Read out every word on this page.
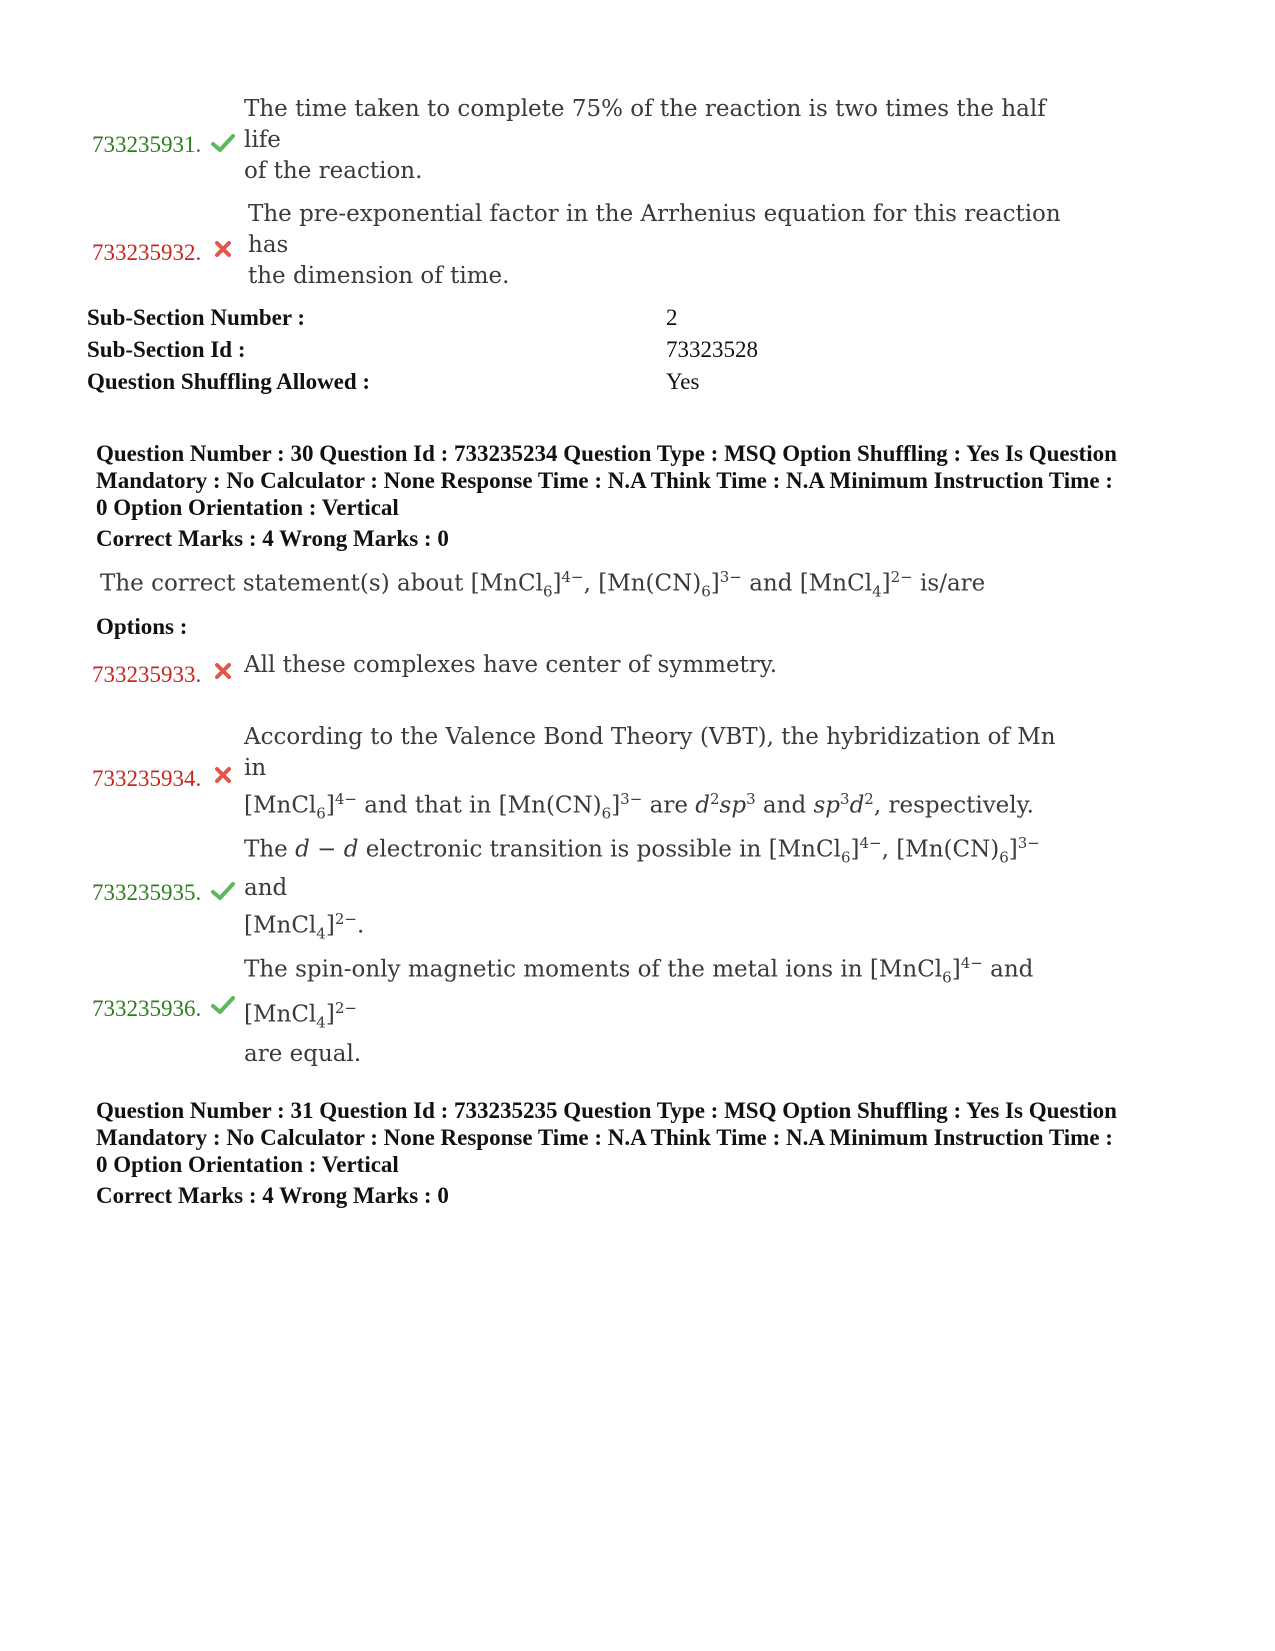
733235931.
The time taken to complete 75% of the reaction is two times the half life
of the reaction.
733235932.
The pre-exponential factor in the Arrhenius equation for this reaction has
the dimension of time.
Sub-Section Number :	2
Sub-Section Id :	73323528
Question Shuffling Allowed :	Yes
Question Number : 30 Question Id : 733235234 Question Type : MSQ Option Shuffling : Yes Is Question Mandatory : No Calculator : None Response Time : N.A Think Time : N.A Minimum Instruction Time : 0 Option Orientation : Vertical
Correct Marks : 4 Wrong Marks : 0
The correct statement(s) about [MnCl$_6$]$^{4-}$, $[Mn(CN)_6]^{3-}$ and [MnCl$_4$]$^{2-}$ is/are
Options :
733235933. All these complexes have center of symmetry.
733235934.
According to the Valence Bond Theory (VBT), the hybridization of Mn in
[MnCl$_6$]$^{4-}$ and that in $[Mn(CN)_6]^{3-}$ are $d^2sp^3$ and $sp^3d^2$, respectively.
733235935.
The d − d electronic transition is possible in [MnCl$_6$]$^{4-}$, $[Mn(CN)_6]^{3-}$ and
[MnCl$_4$]$^{2-}$.
733235936.
The spin-only magnetic moments of the metal ions in [MnCl$_6$]$^{4-}$ and [MnCl$_4$]$^{2-}$
are equal.
Question Number : 31 Question Id : 733235235 Question Type : MSQ Option Shuffling : Yes Is Question Mandatory : No Calculator : None Response Time : N.A Think Time : N.A Minimum Instruction Time : 0 Option Orientation : Vertical
Correct Marks : 4 Wrong Marks : 0
